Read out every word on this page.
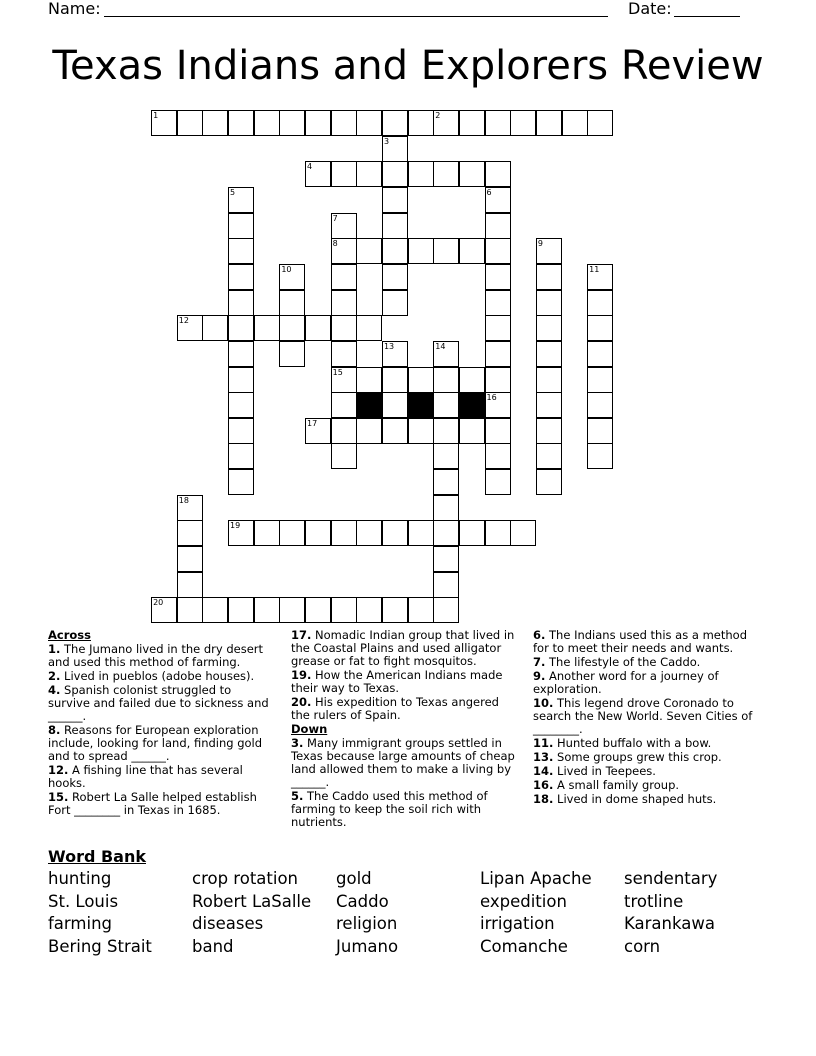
Name:	Date:
Texas Indians and Explorers Review
1	2
3
4
5	6
7
8	9
10	11
12
13	14
15
16
17
18
19
20
Across
1. The Jumano lived in the dry desert and used this method of farming.
2. Lived in pueblos (adobe houses).
4. Spanish colonist struggled to survive and failed due to sickness and ______.
8. Reasons for European exploration include, looking for land, finding gold and to spread ______.
12. A fishing line that has several hooks.
15. Robert La Salle helped establish Fort ________ in Texas in 1685.
17. Nomadic Indian group that lived in the Coastal Plains and used alligator grease or fat to fight mosquitos.
19. How the American Indians made their way to Texas.
20. His expedition to Texas angered the rulers of Spain.
Down
3. Many immigrant groups settled in Texas because large amounts of cheap land allowed them to make a living by ______.
5. The Caddo used this method of farming to keep the soil rich with nutrients.
6. The Indians used this as a method for to meet their needs and wants.
7. The lifestyle of the Caddo.
9. Another word for a journey of exploration.
10. This legend drove Coronado to search the New World. Seven Cities of ________.
11. Hunted buffalo with a bow.
13. Some groups grew this crop.
14. Lived in Teepees.
16. A small family group.
18. Lived in dome shaped huts.
Word Bank
hunting	crop rotation	gold	Lipan Apache	sendentary
St. Louis	Robert LaSalle	Caddo	expedition	trotline
farming	diseases	religion	irrigation	Karankawa
Bering Strait	band	Jumano	Comanche	corn
